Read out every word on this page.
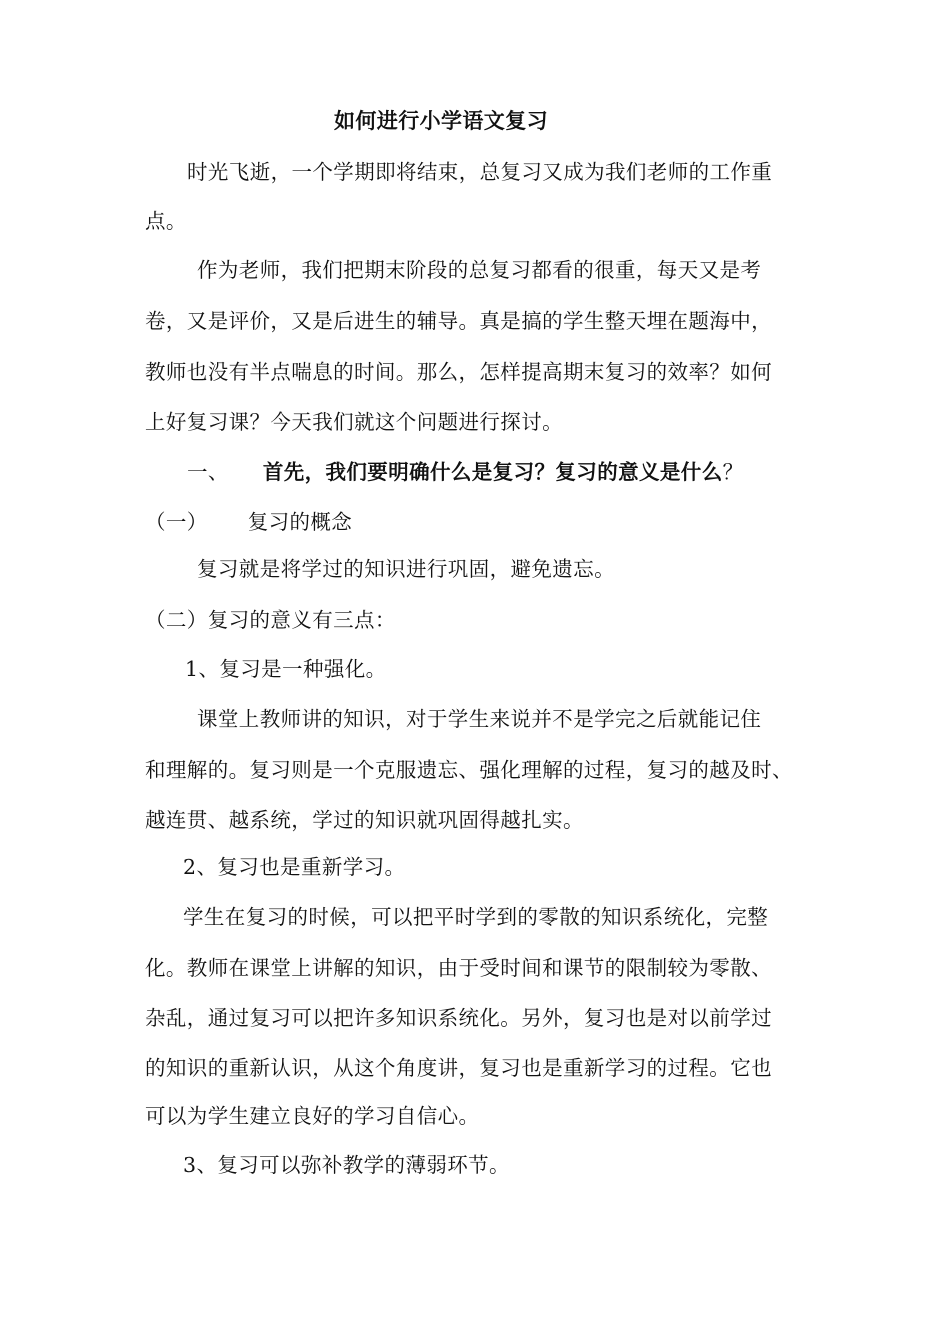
如何进行小学语文复习

时光飞逝，一个学期即将结束，总复习又成为我们老师的工作重

点。

作为老师，我们把期末阶段的总复习都看的很重，每天又是考

卷，又是评价，又是后进生的辅导。真是搞的学生整天埋在题海中，

教师也没有半点喘息的时间。那么，怎样提高期末复习的效率？如何

上好复习课？今天我们就这个问题进行探讨。

一、 首先，我们要明确什么是复习？复习的意义是什么？

（一） 复习的概念

复习就是将学过的知识进行巩固，避免遗忘。

（二）复习的意义有三点：

1、复习是一种强化。

课堂上教师讲的知识，对于学生来说并不是学完之后就能记住

和理解的。复习则是一个克服遗忘、强化理解的过程，复习的越及时、

越连贯、越系统，学过的知识就巩固得越扎实。

2、复习也是重新学习。

学生在复习的时候，可以把平时学到的零散的知识系统化，完整

化。教师在课堂上讲解的知识，由于受时间和课节的限制较为零散、

杂乱，通过复习可以把许多知识系统化。另外，复习也是对以前学过

的知识的重新认识，从这个角度讲，复习也是重新学习的过程。它也

可以为学生建立良好的学习自信心。

3、复习可以弥补教学的薄弱环节。
